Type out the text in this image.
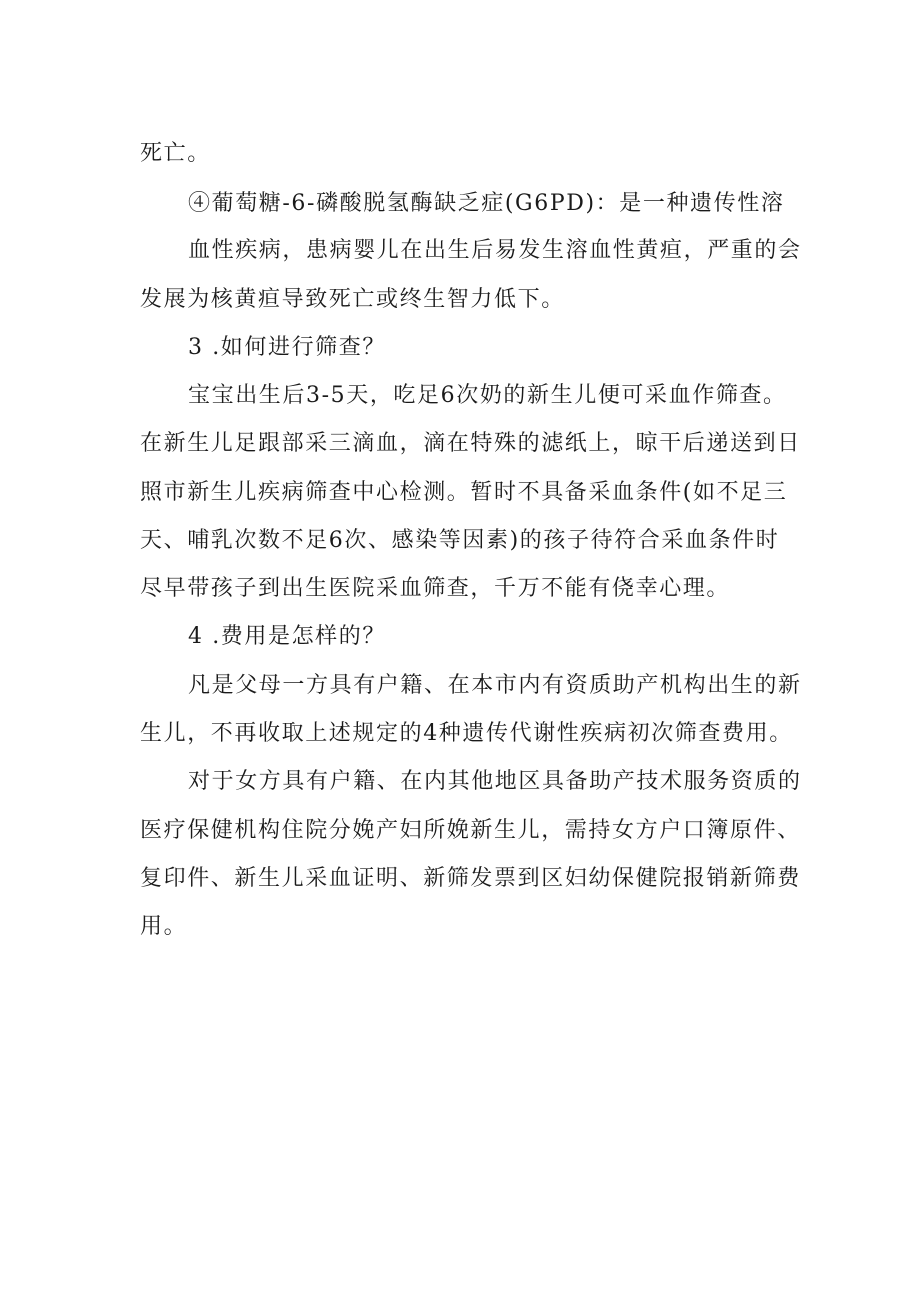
死亡。
④葡萄糖-6-磷酸脱氢酶缺乏症(G6PD)：是一种遗传性溶
血性疾病，患病婴儿在出生后易发生溶血性黄疸，严重的会
发展为核黄疸导致死亡或终生智力低下。
3 .如何进行筛查？
宝宝出生后3-5天，吃足6次奶的新生儿便可采血作筛查。
在新生儿足跟部采三滴血，滴在特殊的滤纸上，晾干后递送到日
照市新生儿疾病筛查中心检测。暂时不具备采血条件(如不足三
天、哺乳次数不足6次、感染等因素)的孩子待符合采血条件时
尽早带孩子到出生医院采血筛查，千万不能有侥幸心理。
4 .费用是怎样的？
凡是父母一方具有户籍、在本市内有资质助产机构出生的新
生儿，不再收取上述规定的4种遗传代谢性疾病初次筛查费用。
对于女方具有户籍、在内其他地区具备助产技术服务资质的
医疗保健机构住院分娩产妇所娩新生儿，需持女方户口簿原件、
复印件、新生儿采血证明、新筛发票到区妇幼保健院报销新筛费
用。
